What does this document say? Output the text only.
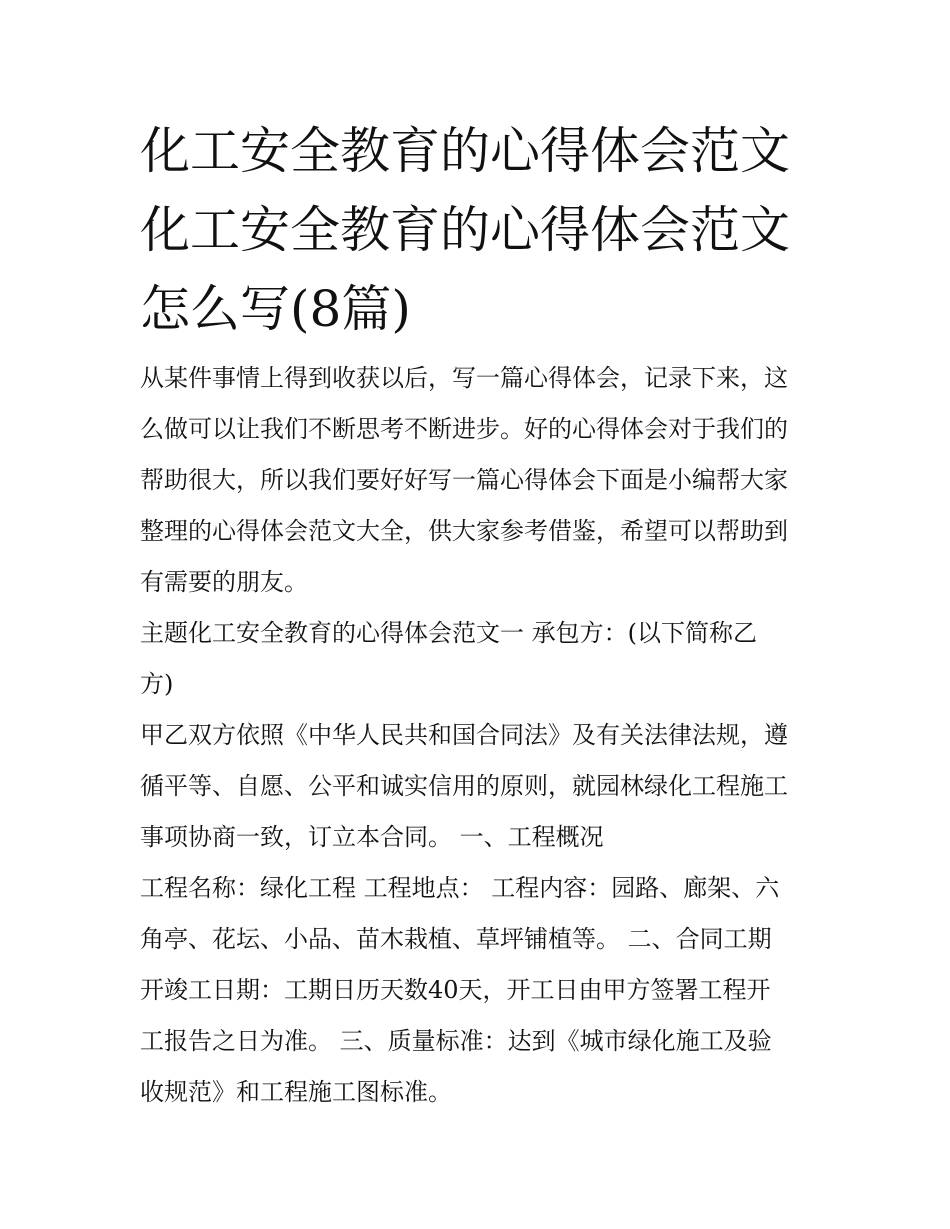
化工安全教育的心得体会范文
化工安全教育的心得体会范文
怎么写(8篇)

从某件事情上得到收获以后，写一篇心得体会，记录下来，这
么做可以让我们不断思考不断进步。好的心得体会对于我们的
帮助很大，所以我们要好好写一篇心得体会下面是小编帮大家
整理的心得体会范文大全，供大家参考借鉴，希望可以帮助到
有需要的朋友。

主题化工安全教育的心得体会范文一 承包方：(以下简称乙
方)

甲乙双方依照《中华人民共和国合同法》及有关法律法规，遵
循平等、自愿、公平和诚实信用的原则，就园林绿化工程施工
事项协商一致，订立本合同。 一、工程概况

工程名称：绿化工程 工程地点： 工程内容：园路、廊架、六
角亭、花坛、小品、苗木栽植、草坪铺植等。 二、合同工期
开竣工日期：工期日历天数40天，开工日由甲方签署工程开
工报告之日为准。 三、质量标准：达到《城市绿化施工及验
收规范》和工程施工图标准。
